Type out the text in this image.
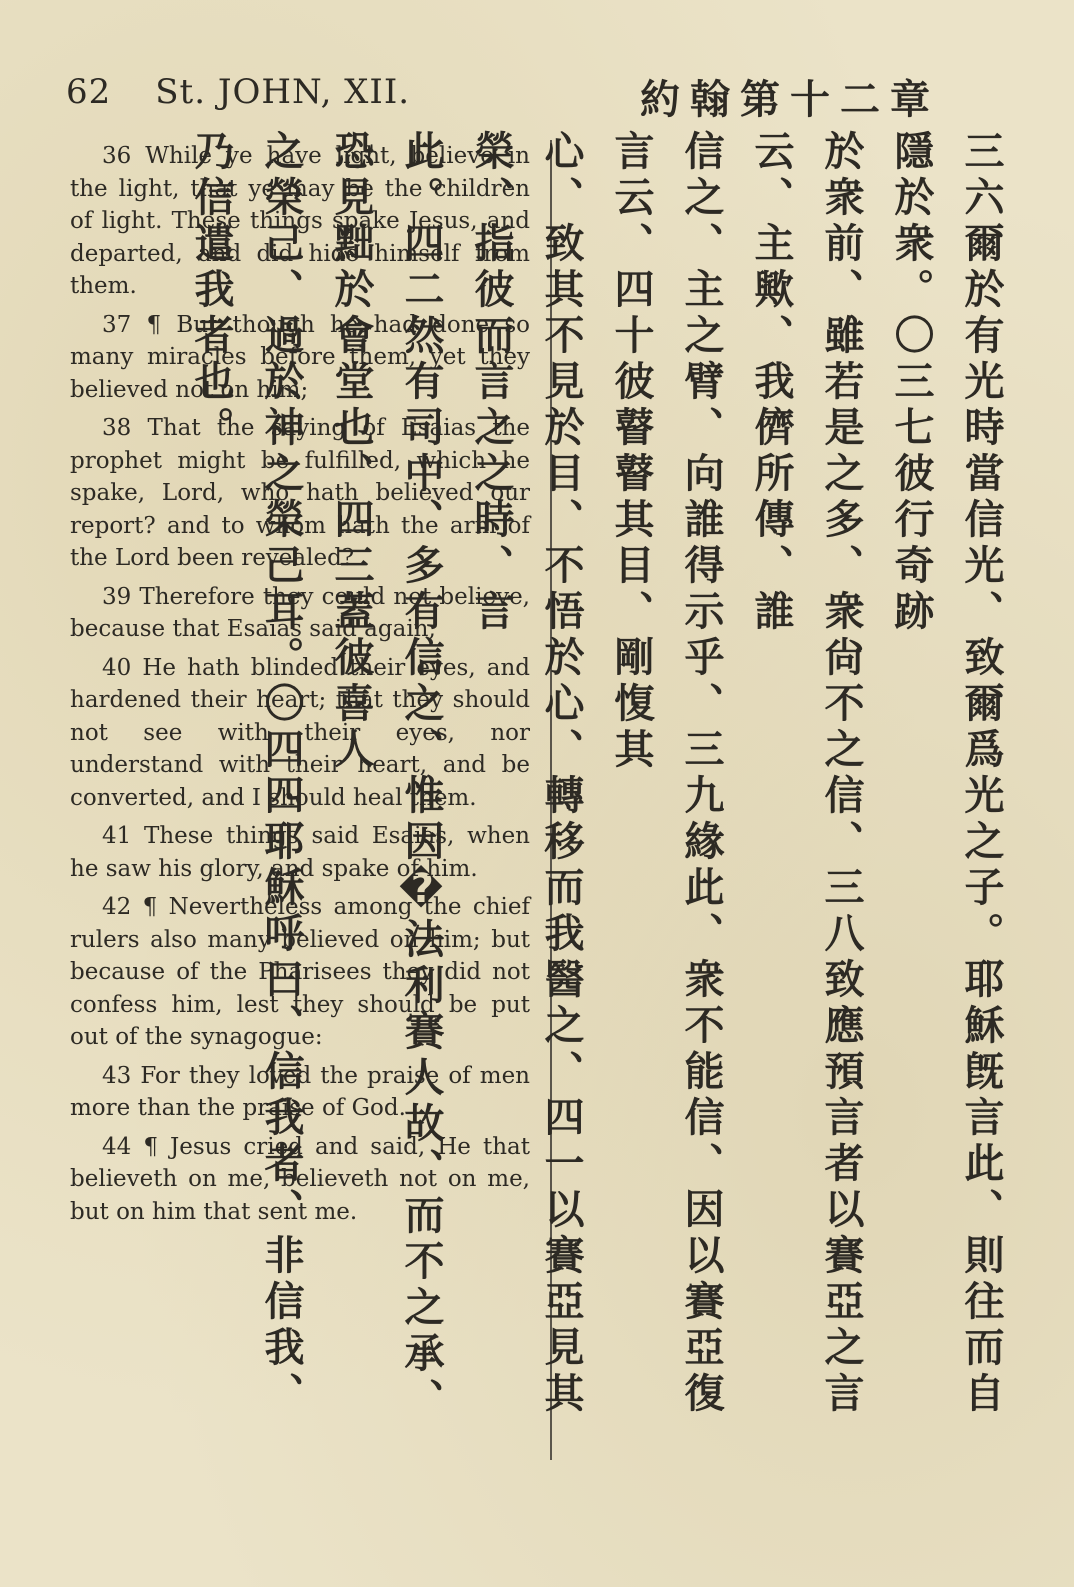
62 St. JOHN, XII.	約翰第十二章

36 While ye have light, believe in the light, that ye may be the children of light. These things spake Jesus, and departed, and did hide himself from them.

37 ¶ But though he had done so many miracles before them, yet they believed not on him;

38 That the saying of Esaias the prophet might be fulfilled, which he spake, Lord, who hath believed our report? and to whom hath the arm of the Lord been revealed?

39 Therefore they could not believe, because that Esaias said again,

40 He hath blinded their eyes, and hardened their heart; that they should not see with their eyes, nor understand with their heart, and be converted, and I should heal them.

41 These things said Esaias, when he saw his glory, and spake of him.

42 ¶ Nevertheless among the chief rulers also many believed on him; but because of the Pharisees they did not confess him, lest they should be put out of the synagogue:

43 For they loved the praise of men more than the praise of God.

44 ¶ Jesus cried and said, He that believeth on me, believeth not on me, but on him that sent me.	三六爾於有光時當信光、致爾爲光之子。耶穌旣言此、則往而自隱於衆。〇三七彼行奇跡
於衆前、雖若是之多、衆尙不之信、三八致應預言者以賽亞之言云、主歟、我儕所傳、誰
信之、主之臂、向誰得示乎、三九緣此、衆不能信、因以賽亞復言云、四十彼瞽瞽其目、剛愎其
心、致其不見於目、不悟於心、轉移而我醫之、四一以賽亞見其榮、指彼而言之之時、言
此。四二然有司中、多有信之、惟因�法利賽人故、而不之承、恐見黜於會堂也、四三蓋彼喜人
之榮己、過於神之榮己耳。〇四四耶穌呼曰、信我者、非信我、乃信遣我者也。
